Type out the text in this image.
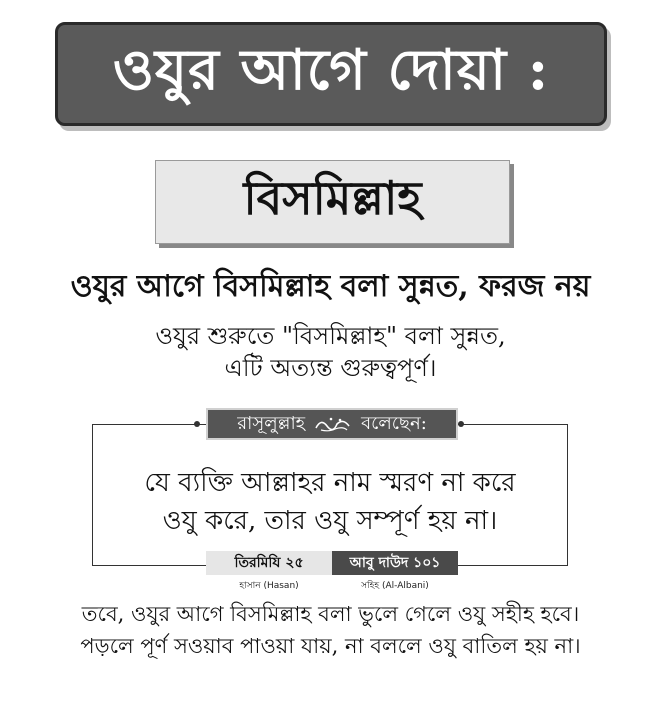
ওযুর আগে দোয়া :
বিসমিল্লাহ
ওযুর আগে বিসমিল্লাহ বলা সুন্নত, ফরজ নয়
ওযুর শুরুতে "বিসমিল্লাহ" বলা সুন্নত,
এটি অত্যন্ত গুরুত্বপূর্ণ।
রাসূলুল্লাহ	বলেছেন:
যে ব্যক্তি আল্লাহর নাম স্মরণ না করে
ওযু করে, তার ওযু সম্পূর্ণ হয় না।
তিরমিযি ২৫	আবু দাউদ ১০১
হাসান (Hasan)	সহিহ (Al-Albani)
তবে, ওযুর আগে বিসমিল্লাহ বলা ভুলে গেলে ওযু সহীহ হবে।
পড়লে পূর্ণ সওয়াব পাওয়া যায়, না বললে ওযু বাতিল হয় না।
